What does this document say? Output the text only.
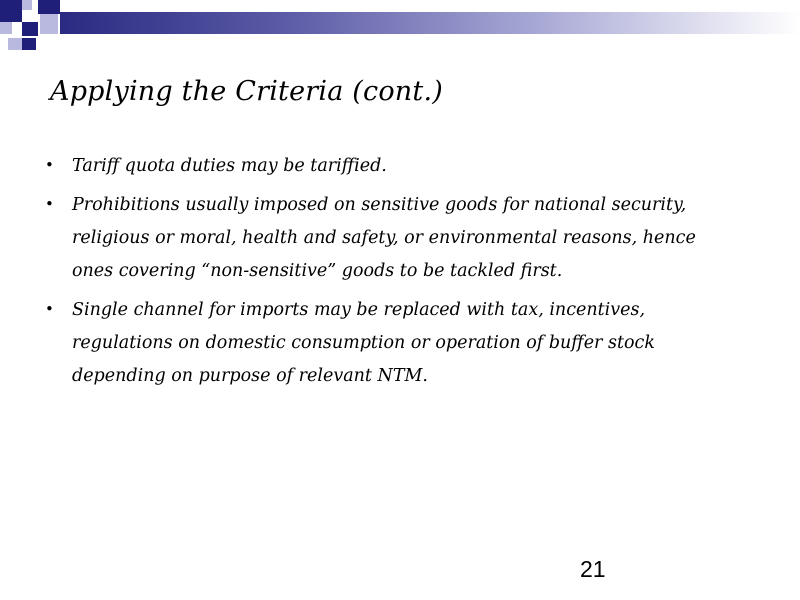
Applying the Criteria (cont.)
• Tariff quota duties may be tariffied.
• Prohibitions usually imposed on sensitive goods for national security, religious or moral, health and safety, or environmental reasons, hence ones covering “non-sensitive” goods to be tackled first.
• Single channel for imports may be replaced with tax, incentives, regulations on domestic consumption or operation of buffer stock depending on purpose of relevant NTM.
21
